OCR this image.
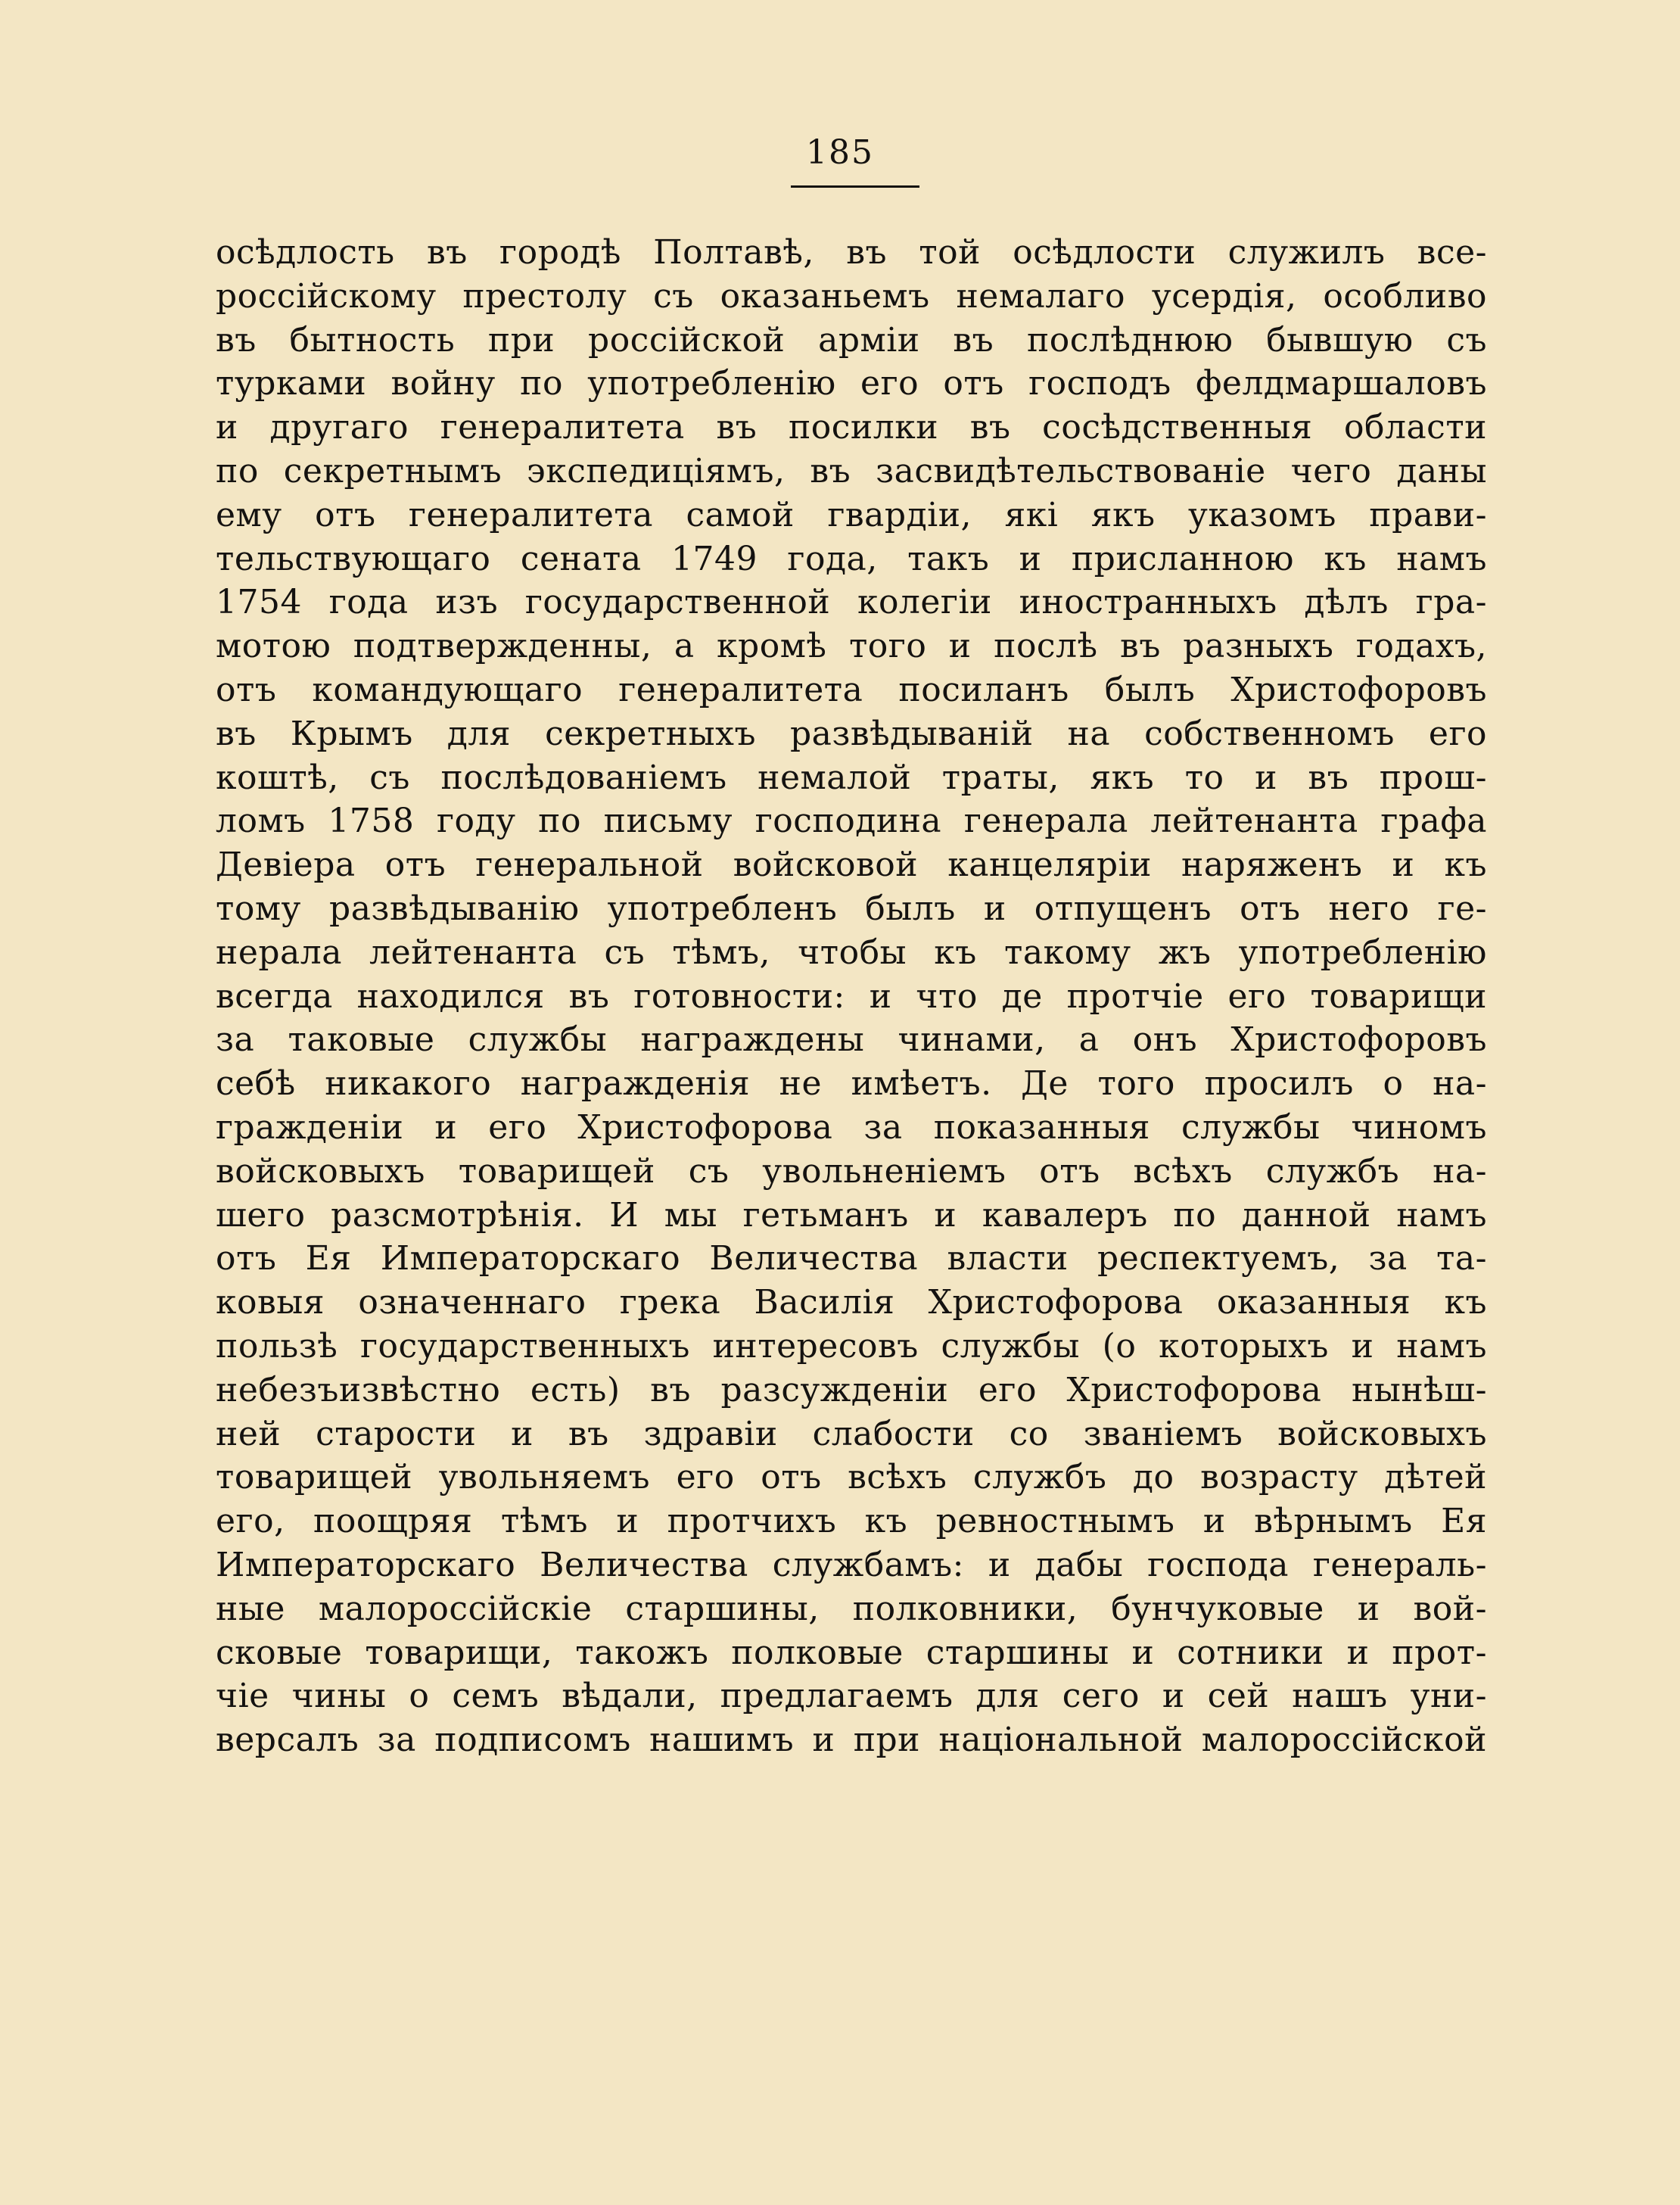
185
осѣдлость въ городѣ Полтавѣ, въ той осѣдлости служилъ все-
россійскому престолу съ оказаньемъ немалаго усердія, особливо
въ бытность при россійской арміи въ послѣднюю бывшую съ
турками войну по употребленію его отъ господъ фелдмаршаловъ
и другаго генералитета въ посилки въ сосѣдственныя области
по секретнымъ экспедиціямъ, въ засвидѣтельствованіе чего даны
ему отъ генералитета самой гвардіи, які якъ указомъ прави-
тельствующаго сената 1749 года, такъ и присланною къ намъ
1754 года изъ государственной колегіи иностранныхъ дѣлъ гра-
мотою подтвержденны, а кромѣ того и послѣ въ разныхъ годахъ,
отъ командующаго генералитета посиланъ былъ Христофоровъ
въ Крымъ для секретныхъ развѣдываній на собственномъ его
коштѣ, съ послѣдованіемъ немалой траты, якъ то и въ прош-
ломъ 1758 году по письму господина генерала лейтенанта графа
Девіера отъ генеральной войсковой канцеляріи наряженъ и къ
тому развѣдыванію употребленъ былъ и отпущенъ отъ него ге-
нерала лейтенанта съ тѣмъ, чтобы къ такому жъ употребленію
всегда находился въ готовности: и что де протчіе его товарищи
за таковые службы награждены чинами, а онъ Христофоровъ
себѣ никакого награжденія не имѣетъ. Де того просилъ о на-
гражденіи и его Христофорова за показанныя службы чиномъ
войсковыхъ товарищей съ увольненіемъ отъ всѣхъ службъ на-
шего разсмотрѣнія. И мы гетьманъ и кавалеръ по данной намъ
отъ Ея Императорскаго Величества власти респектуемъ, за та-
ковыя означеннаго грека Василія Христофорова оказанныя къ
пользѣ государственныхъ интересовъ службы (о которыхъ и намъ
небезъизвѣстно есть) въ разсужденіи его Христофорова нынѣш-
ней старости и въ здравіи слабости со званіемъ войсковыхъ
товарищей увольняемъ его отъ всѣхъ службъ до возрасту дѣтей
его, поощряя тѣмъ и протчихъ къ ревностнымъ и вѣрнымъ Ея
Императорскаго Величества службамъ: и дабы господа генераль-
ные малороссійскіе старшины, полковники, бунчуковые и вой-
сковые товарищи, такожъ полковые старшины и сотники и прот-
чіе чины о семъ вѣдали, предлагаемъ для сего и сей нашъ уни-
версалъ за подписомъ нашимъ и при національной малороссійской
